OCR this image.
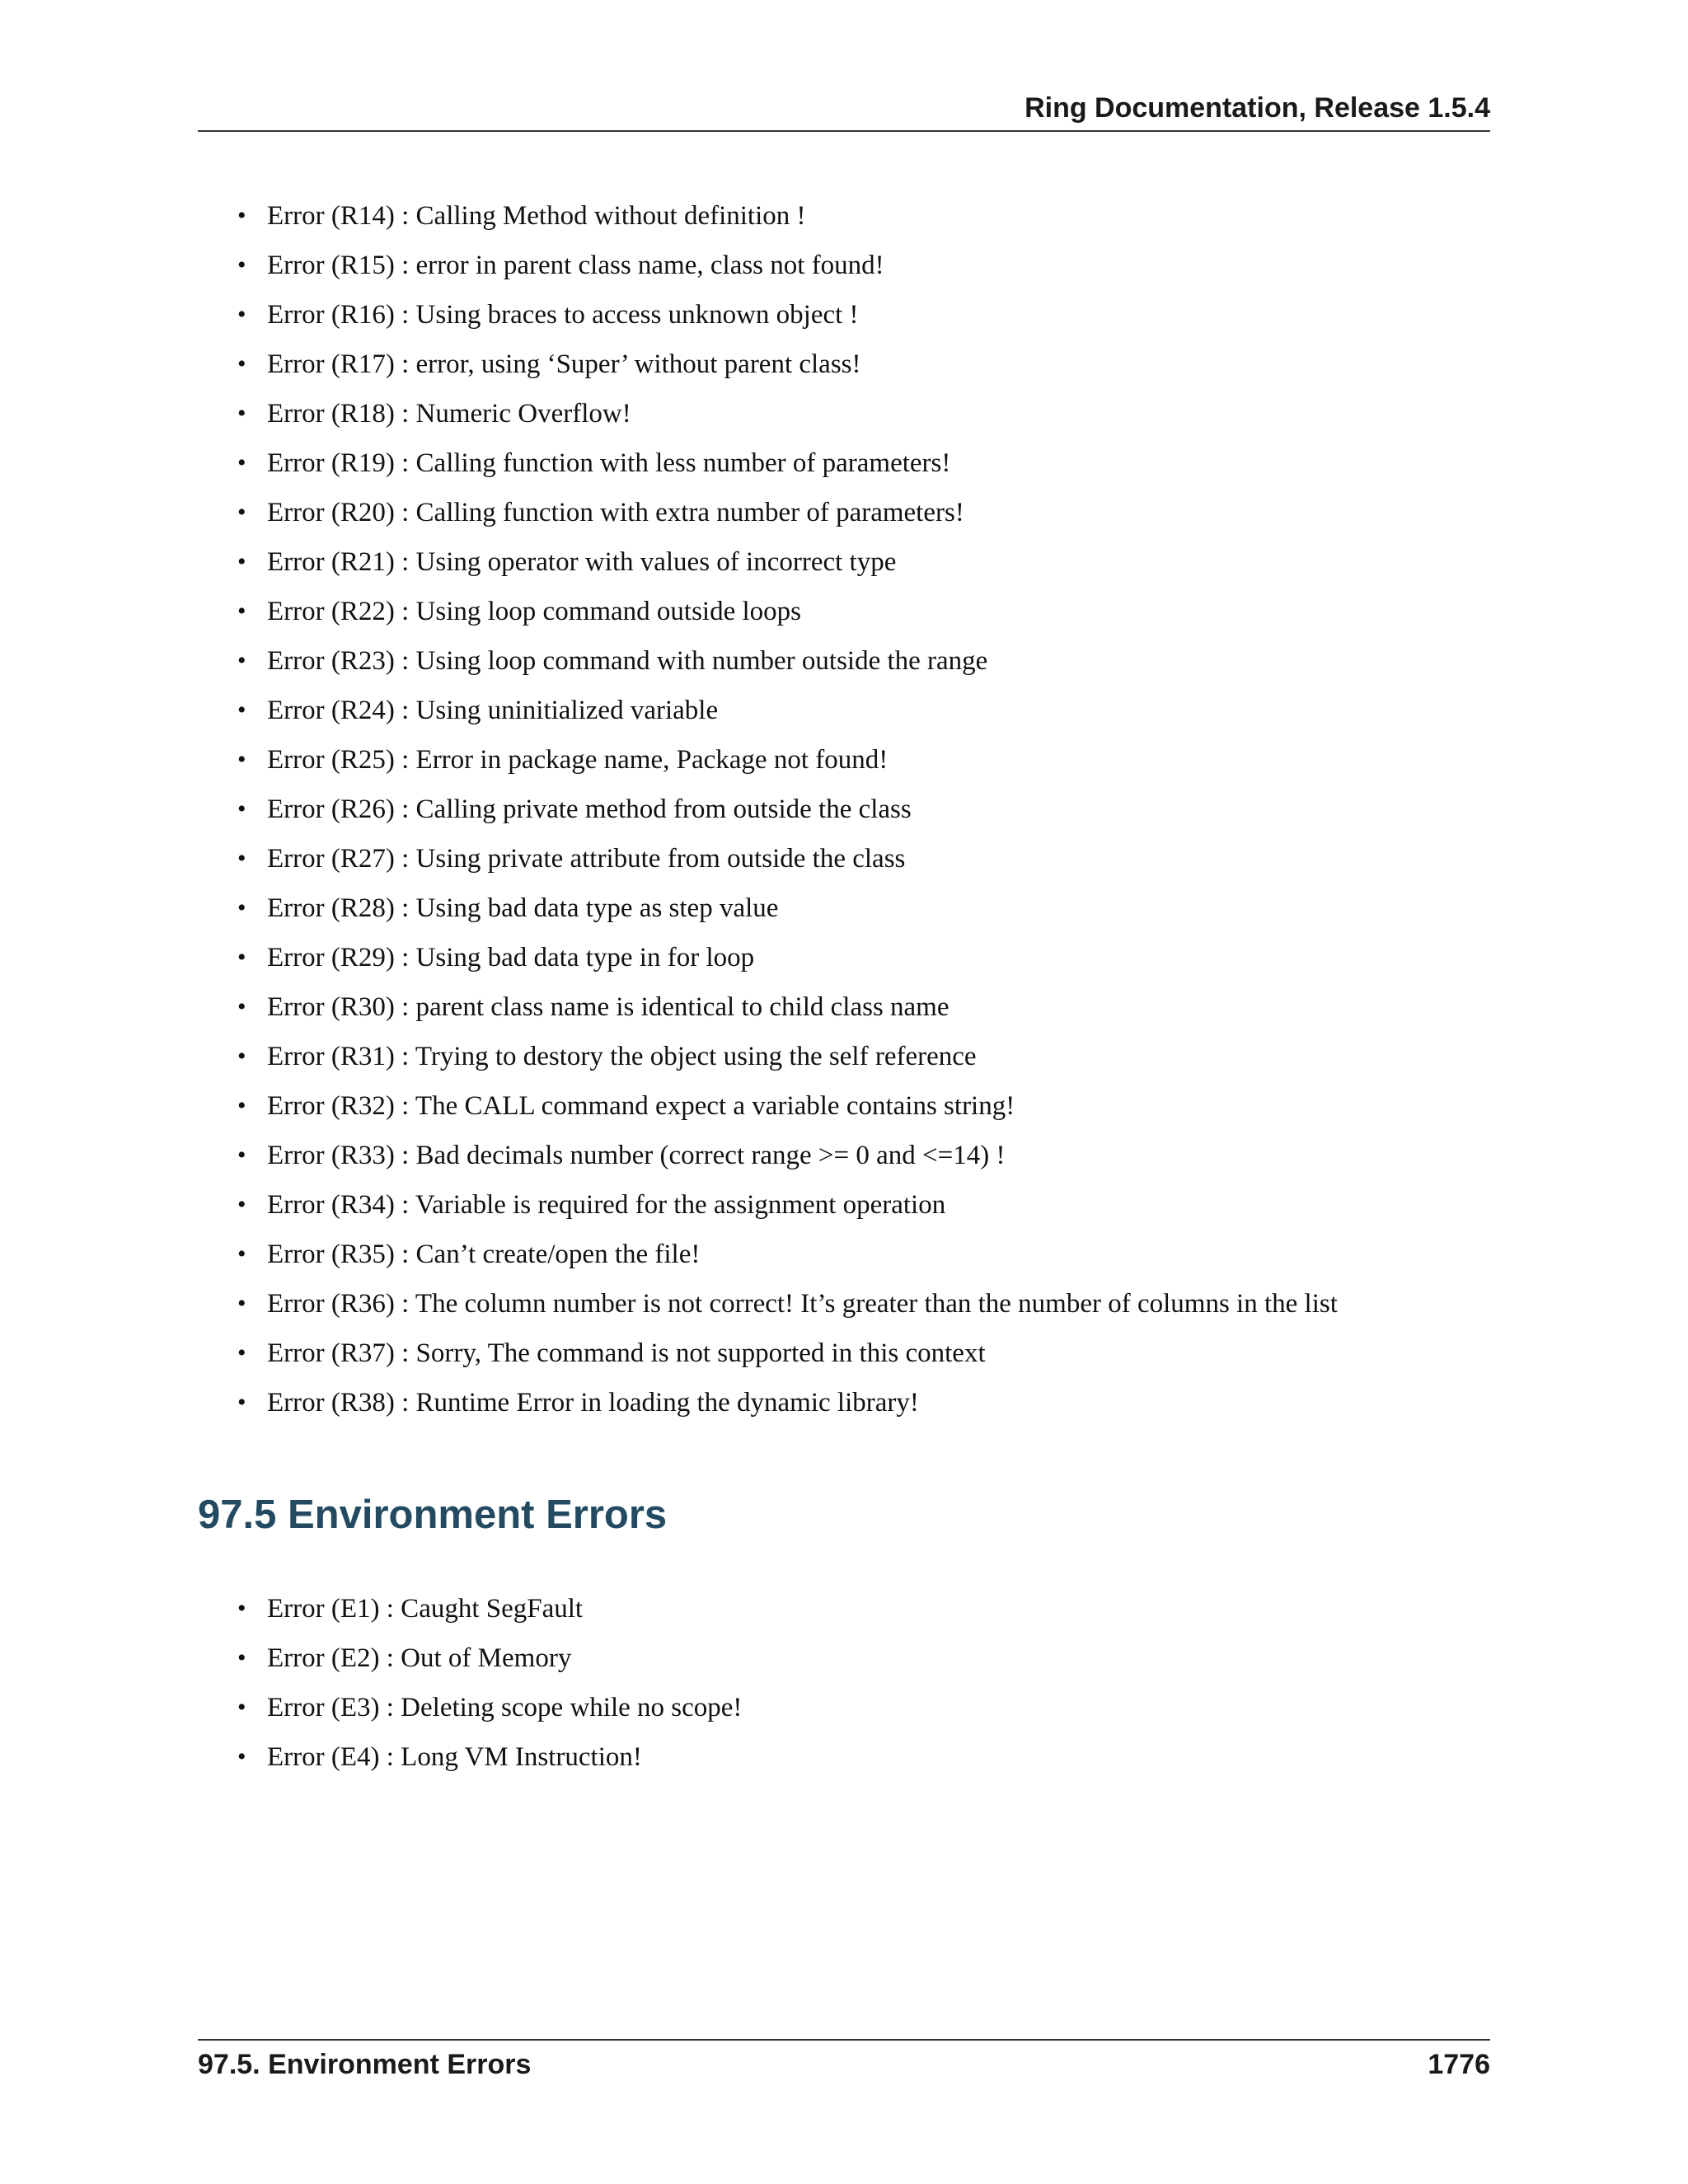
Ring Documentation, Release 1.5.4
• Error (R14) : Calling Method without definition !
• Error (R15) : error in parent class name, class not found!
• Error (R16) : Using braces to access unknown object !
• Error (R17) : error, using ‘Super’ without parent class!
• Error (R18) : Numeric Overflow!
• Error (R19) : Calling function with less number of parameters!
• Error (R20) : Calling function with extra number of parameters!
• Error (R21) : Using operator with values of incorrect type
• Error (R22) : Using loop command outside loops
• Error (R23) : Using loop command with number outside the range
• Error (R24) : Using uninitialized variable
• Error (R25) : Error in package name, Package not found!
• Error (R26) : Calling private method from outside the class
• Error (R27) : Using private attribute from outside the class
• Error (R28) : Using bad data type as step value
• Error (R29) : Using bad data type in for loop
• Error (R30) : parent class name is identical to child class name
• Error (R31) : Trying to destory the object using the self reference
• Error (R32) : The CALL command expect a variable contains string!
• Error (R33) : Bad decimals number (correct range >= 0 and <=14) !
• Error (R34) : Variable is required for the assignment operation
• Error (R35) : Can’t create/open the file!
• Error (R36) : The column number is not correct! It’s greater than the number of columns in the list
• Error (R37) : Sorry, The command is not supported in this context
• Error (R38) : Runtime Error in loading the dynamic library!
97.5 Environment Errors
• Error (E1) : Caught SegFault
• Error (E2) : Out of Memory
• Error (E3) : Deleting scope while no scope!
• Error (E4) : Long VM Instruction!
97.5. Environment Errors	1776
